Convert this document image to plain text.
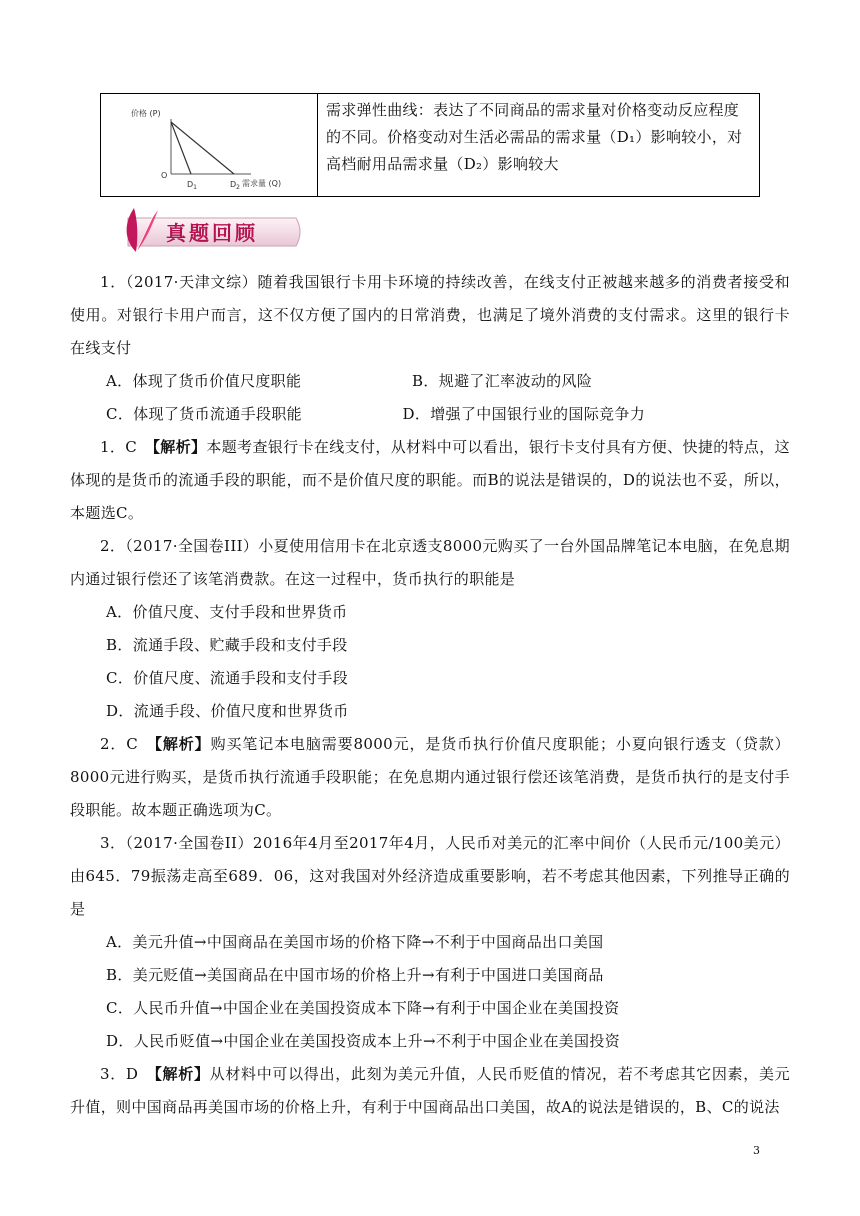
价格 (P)
O
$D_1$	$D_2$ 需求量 (Q)
	需求弹性曲线：表达了不同商品的需求量对价格变动反应程度的不同。价格变动对生活必需品的需求量（D₁）影响较小，对高档耐用品需求量（D₂）影响较大
真题回顾

1．（2017·天津文综）随着我国银行卡用卡环境的持续改善，在线支付正被越来越多的消费者接受和使用。对银行卡用户而言，这不仅方便了国内的日常消费，也满足了境外消费的支付需求。这里的银行卡在线支付

A．体现了货币价值尺度职能	B．规避了汇率波动的风险
C．体现了货币流通手段职能	D．增强了中国银行业的国际竞争力

1．C　【解析】本题考查银行卡在线支付，从材料中可以看出，银行卡支付具有方便、快捷的特点，这体现的是货币的流通手段的职能，而不是价值尺度的职能。而B的说法是错误的，D的说法也不妥，所以，本题选C。

2．（2017·全国卷III）小夏使用信用卡在北京透支8000元购买了一台外国品牌笔记本电脑，在免息期内通过银行偿还了该笔消费款。在这一过程中，货币执行的职能是

A．价值尺度、支付手段和世界货币

B．流通手段、贮藏手段和支付手段

C．价值尺度、流通手段和支付手段

D．流通手段、价值尺度和世界货币

2．C　【解析】购买笔记本电脑需要8000元，是货币执行价值尺度职能；小夏向银行透支（贷款）8000元进行购买，是货币执行流通手段职能；在免息期内通过银行偿还该笔消费，是货币执行的是支付手段职能。故本题正确选项为C。

3．（2017·全国卷II）2016年4月至2017年4月，人民币对美元的汇率中间价（人民币元/100美元）由645．79振荡走高至689．06，这对我国对外经济造成重要影响，若不考虑其他因素，下列推导正确的是

A．美元升值→中国商品在美国市场的价格下降→不利于中国商品出口美国

B．美元贬值→美国商品在中国市场的价格上升→有利于中国进口美国商品

C．人民币升值→中国企业在美国投资成本下降→有利于中国企业在美国投资

D．人民币贬值→中国企业在美国投资成本上升→不利于中国企业在美国投资

3．D　【解析】从材料中可以得出，此刻为美元升值，人民币贬值的情况，若不考虑其它因素，美元升值，则中国商品再美国市场的价格上升，有利于中国商品出口美国，故A的说法是错误的，B、C的说法

3
